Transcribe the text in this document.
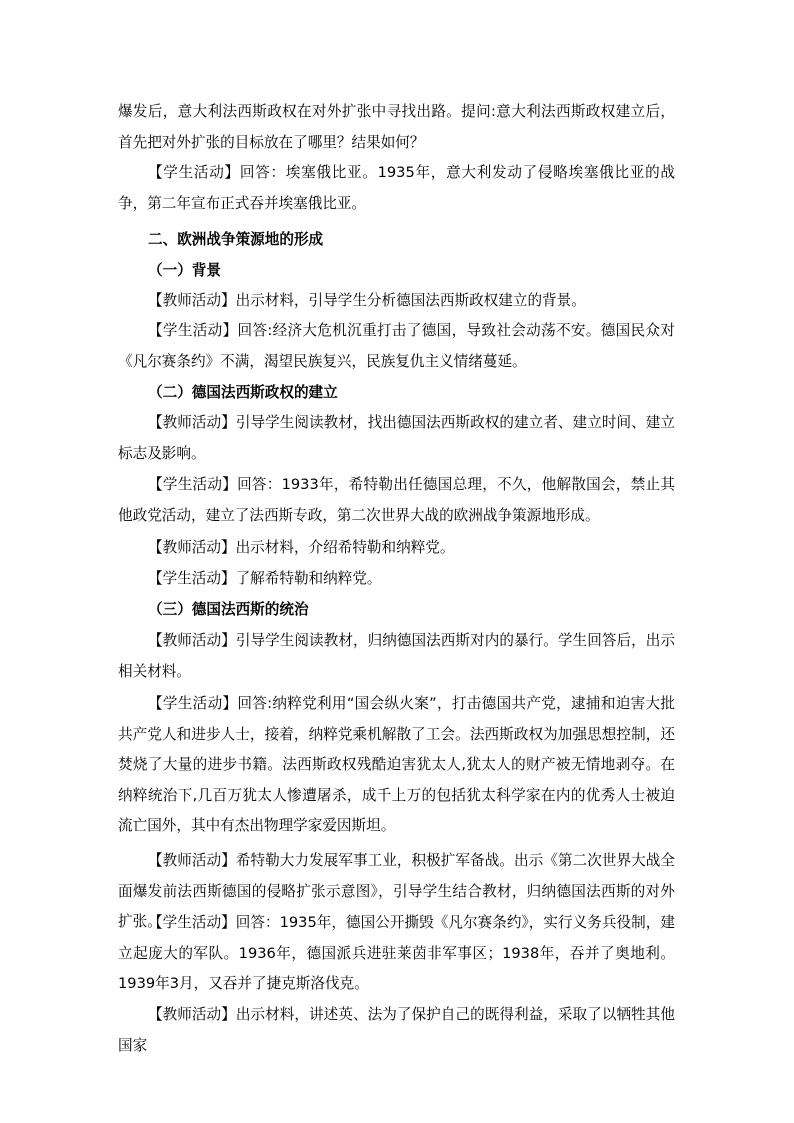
爆发后，意大利法西斯政权在对外扩张中寻找出路。提问:意大利法西斯政权建立后，首先把对外扩张的目标放在了哪里？结果如何？

【学生活动】回答：埃塞俄比亚。1935年，意大利发动了侵略埃塞俄比亚的战争，第二年宣布正式吞并埃塞俄比亚。

二、欧洲战争策源地的形成

（一）背景

【教师活动】出示材料，引导学生分析德国法西斯政权建立的背景。

【学生活动】回答:经济大危机沉重打击了德国，导致社会动荡不安。德国民众对《凡尔赛条约》不满，渴望民族复兴，民族复仇主义情绪蔓延。

（二）德国法西斯政权的建立

【教师活动】引导学生阅读教材，找出德国法西斯政权的建立者、建立时间、建立标志及影响。

【学生活动】回答：1933年，希特勒出任德国总理，不久，他解散国会，禁止其他政党活动，建立了法西斯专政，第二次世界大战的欧洲战争策源地形成。

【教师活动】出示材料，介绍希特勒和纳粹党。

【学生活动】了解希特勒和纳粹党。

（三）德国法西斯的统治

【教师活动】引导学生阅读教材，归纳德国法西斯对内的暴行。学生回答后，出示相关材料。

【学生活动】回答:纳粹党利用“国会纵火案”，打击德国共产党，逮捕和迫害大批共产党人和进步人士，接着，纳粹党乘机解散了工会。法西斯政权为加强思想控制，还焚烧了大量的进步书籍。法西斯政权残酷迫害犹太人,犹太人的财产被无情地剥夺。在纳粹统治下,几百万犹太人惨遭屠杀，成千上万的包括犹太科学家在内的优秀人士被迫流亡国外，其中有杰出物理学家爱因斯坦。

【教师活动】希特勒大力发展军事工业，积极扩军备战。出示《第二次世界大战全面爆发前法西斯德国的侵略扩张示意图》，引导学生结合教材，归纳德国法西斯的对外扩张。

【学生活动】回答：1935年，德国公开撕毁《凡尔赛条约》，实行义务兵役制，建立起庞大的军队。1936年，德国派兵进驻莱茵非军事区；1938年，吞并了奥地利。1939年3月，又吞并了捷克斯洛伐克。

【教师活动】出示材料，讲述英、法为了保护自己的既得利益，采取了以牺牲其他国家
